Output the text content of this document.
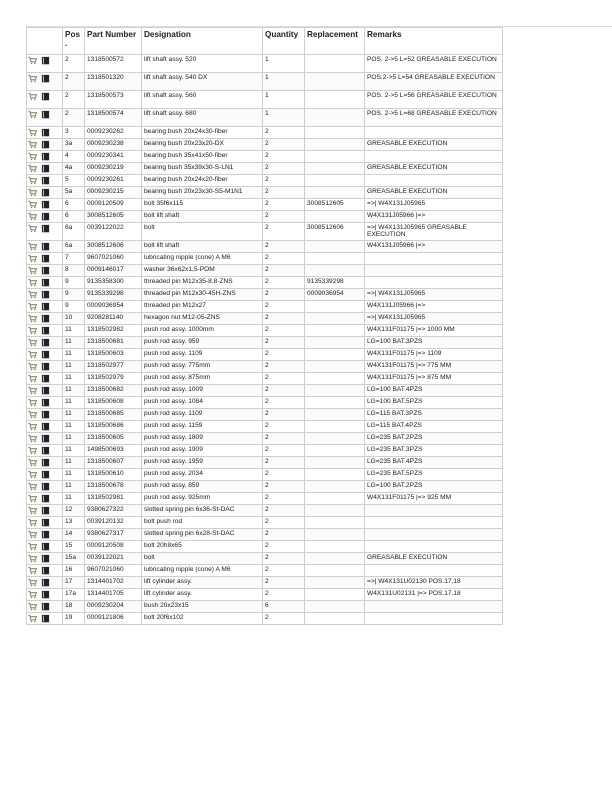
	Pos.	Part Number	Designation	Quantity	Replacement	Remarks
	2	1318500572	lift shaft assy. 520	1		POS. 2->5 L=52 GREASABLE EXECUTION
	2	1318501320	lift shaft assy. 540 DX	1		POS.2->5 L=54 GREASABLE EXECUTION
	2	1318500573	lift shaft assy. 560	1		POS. 2->5 L=56 GREASABLE EXECUTION
	2	1318500574	lift shaft assy. 680	1		POS. 2->5 L=68 GREASABLE EXECUTION
	3	0009230262	bearing bush 20x24x30-fiber	2		
	3a	0009230238	bearing bush 20x23x20-DX	2		GREASABLE EXECUTION
	4	0009230341	bearing bush 35x41x50-fiber	2		
	4a	0009230219	bearing bush 35x39x30-S-LN1	2		GREASABLE EXECUTION
	5	0009230261	bearing bush 20x24x20-fiber	2		
	5a	0009230215	bearing bush 20x23x30-S5-M1N1	2		GREASABLE EXECUTION
	6	0009120509	bolt 35f6x115	2	3008512605	=>| W4X131J05965
	6	3008512605	bolt lift shaft	2		W4X131J05966 |=>
	6a	0039122022	bolt	2	3008512606	=>| W4X131J05965 GREASABLE EXECUTION
	6a	3008512606	bolt lift shaft	2		W4X131J05966 |=>
	7	9607021060	lubricating nipple (cone) A M6	2		
	8	0009146017	washer 36x62x1,5-POM	2		
	9	9135358300	threaded pin M12x35-8.8-ZNS	2	9135339298	
	9	9135339298	threaded pin M12x30-45H-ZNS	2	0009036954	=>| W4X131J05965
	9	0009036954	threaded pin M12x27	2		W4X131J05966 |=>
	10	9208281140	hexagon nut M12-05-ZNS	2		=>| W4X131J05965
	11	1318502982	push rod assy. 1000mm	2		W4X131F01175 |=> 1000 MM
	11	1318500681	push rod assy. 959	2		LG=100 BAT.3PZS
	11	1318500603	push rod assy. 1109	2		W4X131F01175 |=> 1109
	11	1318502977	push rod assy. 775mm	2		W4X131F01175 |=> 775 MM
	11	1318502979	push rod assy. 875mm	2		W4X131F01175 |=> 875 MM
	11	1318500682	push rod assy. 1009	2		LG=100 BAT.4PZS
	11	1318500608	push rod assy. 1084	2		LG=100 BAT.5PZS
	11	1318500685	push rod assy. 1109	2		LG=115 BAT.3PZS
	11	1318500686	push rod assy. 1159	2		LG=115 BAT.4PZS
	11	1318500605	push rod assy. 1809	2		LG=235 BAT.2PZS
	11	1498500693	push rod assy. 1909	2		LG=235 BAT.3PZS
	11	1318500607	push rod assy. 1959	2		LG=235 BAT.4PZS
	11	1318500610	push rod assy. 2034	2		LG=235 BAT.5PZS
	11	1318500678	push rod assy. 859	2		LG=100 BAT.2PZS
	11	1318502981	push rod assy. 925mm	2		W4X131F01175 |=> 925 MM
	12	9380627322	slotted spring pin 6x36-St-DAC	2		
	13	0039120132	bolt push rod	2		
	14	9380627317	slotted spring pin 6x28-St-DAC	2		
	15	0009120508	bolt 20h8x65	2		
	15a	0039122021	bolt	2		GREASABLE EXECUTION
	16	9607021060	lubricating nipple (cone) A M6	2		
	17	1314401702	lift cylinder assy.	2		=>| W4X131U02130 POS.17,18
	17a	1314401705	lift cylinder assy.	2		W4X131U02131 |=> POS.17,18
	18	0009230204	bush 20x23x15	6		
	19	0009121806	bolt 20f6x102	2		
